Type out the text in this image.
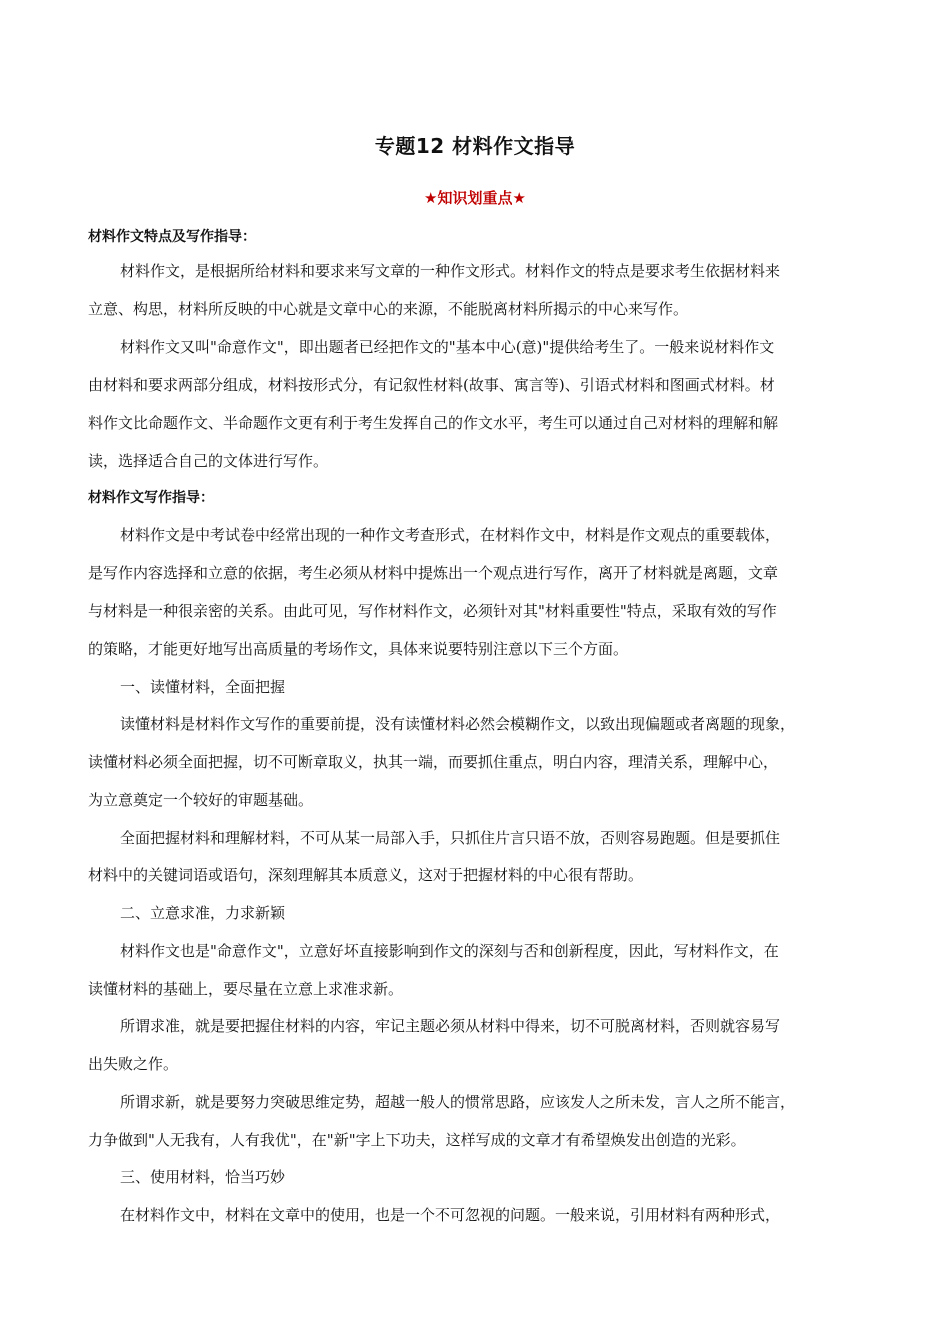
专题12 材料作文指导
★知识划重点★
材料作文特点及写作指导：
材料作文，是根据所给材料和要求来写文章的一种作文形式。材料作文的特点是要求考生依据材料来
立意、构思，材料所反映的中心就是文章中心的来源，不能脱离材料所揭示的中心来写作。
材料作文又叫"命意作文"，即出题者已经把作文的"基本中心(意)"提供给考生了。一般来说材料作文
由材料和要求两部分组成，材料按形式分，有记叙性材料(故事、寓言等)、引语式材料和图画式材料。材
料作文比命题作文、半命题作文更有利于考生发挥自己的作文水平，考生可以通过自己对材料的理解和解
读，选择适合自己的文体进行写作。
材料作文写作指导：
材料作文是中考试卷中经常出现的一种作文考查形式，在材料作文中，材料是作文观点的重要载体，
是写作内容选择和立意的依据，考生必须从材料中提炼出一个观点进行写作，离开了材料就是离题，文章
与材料是一种很亲密的关系。由此可见，写作材料作文，必须针对其"材料重要性"特点，采取有效的写作
的策略，才能更好地写出高质量的考场作文，具体来说要特别注意以下三个方面。
一、读懂材料，全面把握
读懂材料是材料作文写作的重要前提，没有读懂材料必然会模糊作文，以致出现偏题或者离题的现象，
读懂材料必须全面把握，切不可断章取义，执其一端，而要抓住重点，明白内容，理清关系，理解中心，
为立意奠定一个较好的审题基础。
全面把握材料和理解材料，不可从某一局部入手，只抓住片言只语不放，否则容易跑题。但是要抓住
材料中的关键词语或语句，深刻理解其本质意义，这对于把握材料的中心很有帮助。
二、立意求准，力求新颖
材料作文也是"命意作文"，立意好坏直接影响到作文的深刻与否和创新程度，因此，写材料作文，在
读懂材料的基础上，要尽量在立意上求准求新。
所谓求准，就是要把握住材料的内容，牢记主题必须从材料中得来，切不可脱离材料，否则就容易写
出失败之作。
所谓求新，就是要努力突破思维定势，超越一般人的惯常思路，应该发人之所未发，言人之所不能言，
力争做到"人无我有，人有我优"，在"新"字上下功夫，这样写成的文章才有希望焕发出创造的光彩。
三、使用材料，恰当巧妙
在材料作文中，材料在文章中的使用，也是一个不可忽视的问题。一般来说，引用材料有两种形式，
